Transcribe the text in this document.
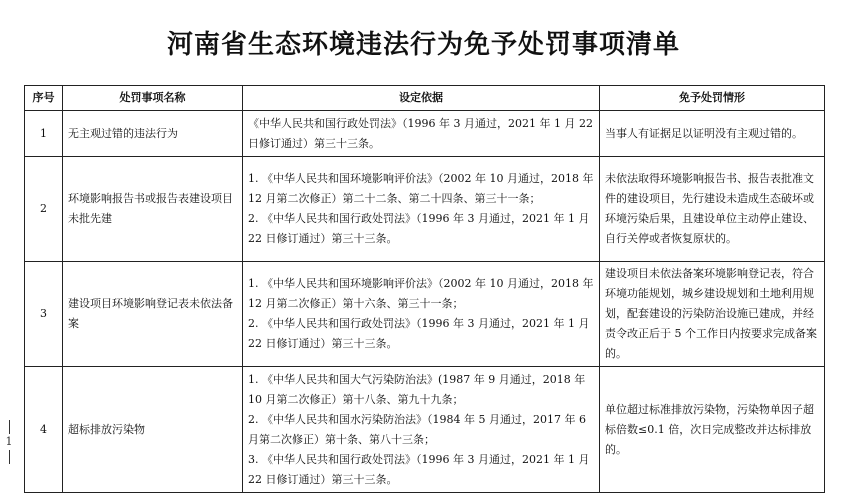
河南省生态环境违法行为免予处罚事项清单
序号	处罚事项名称	设定依据	免予处罚情形
1	无主观过错的违法行为	《中华人民共和国行政处罚法》（1996 年 3 月通过，2021 年 1 月 22 日修订通过）第三十三条。	当事人有证据足以证明没有主观过错的。
2	环境影响报告书或报告表建设项目未批先建	1. 《中华人民共和国环境影响评价法》（2002 年 10 月通过，2018 年 12 月第二次修正）第二十二条、第二十四条、第三十一条；
2. 《中华人民共和国行政处罚法》（1996 年 3 月通过，2021 年 1 月 22 日修订通过）第三十三条。	未依法取得环境影响报告书、报告表批准文件的建设项目，先行建设未造成生态破坏或环境污染后果，且建设单位主动停止建设、自行关停或者恢复原状的。
3	建设项目环境影响登记表未依法备案	1. 《中华人民共和国环境影响评价法》（2002 年 10 月通过，2018 年 12 月第二次修正）第十六条、第三十一条；
2. 《中华人民共和国行政处罚法》（1996 年 3 月通过，2021 年 1 月 22 日修订通过）第三十三条。	建设项目未依法备案环境影响登记表，符合环境功能规划，城乡建设规划和土地利用规划，配套建设的污染防治设施已建成，并经责令改正后于 5 个工作日内按要求完成备案的。
4	超标排放污染物	1. 《中华人民共和国大气污染防治法》(1987 年 9 月通过，2018 年 10 月第二次修正）第十八条、第九十九条；
2. 《中华人民共和国水污染防治法》（1984 年 5 月通过，2017 年 6 月第二次修正）第十条、第八十三条；
3. 《中华人民共和国行政处罚法》（1996 年 3 月通过，2021 年 1 月 22 日修订通过）第三十三条。	单位超过标准排放污染物，污染物单因子超标倍数≤0.1 倍，次日完成整改并达标排放的。
1
